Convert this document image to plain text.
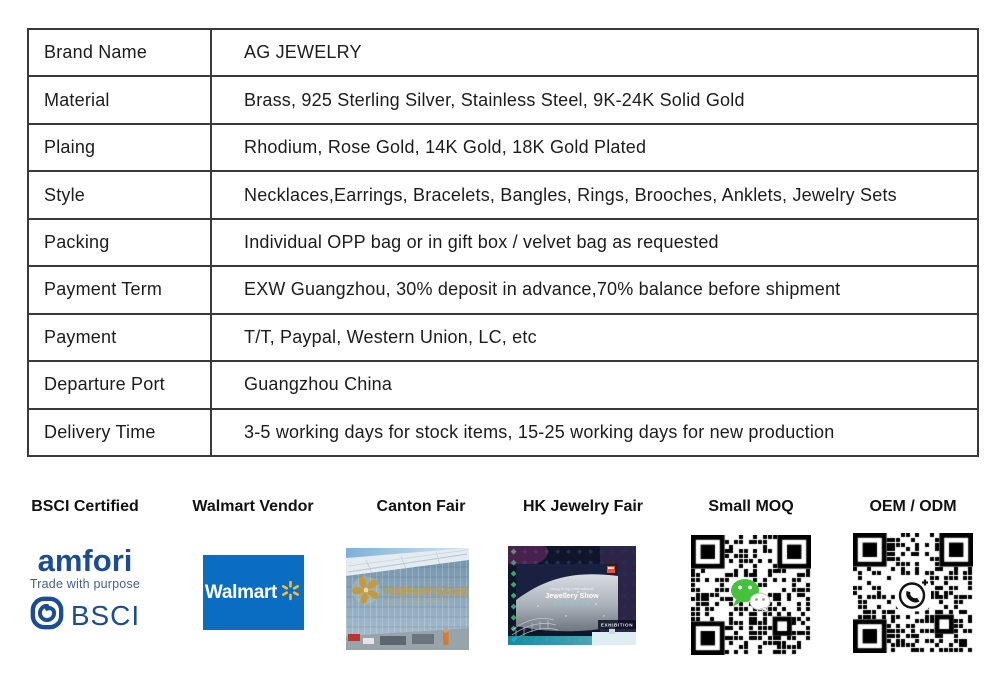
Brand Name	AG JEWELRY
Material	Brass, 925 Sterling Silver, Stainless Steel, 9K-24K Solid Gold
Plaing	Rhodium, Rose Gold, 14K Gold, 18K Gold Plated
Style	Necklaces,Earrings, Bracelets, Bangles, Rings, Brooches, Anklets, Jewelry Sets
Packing	Individual OPP bag or in gift box / velvet bag as requested
Payment Term	EXW Guangzhou, 30% deposit in advance,70% balance before shipment
Payment	T/T, Paypal, Western Union, LC, etc
Departure Port	Guangzhou China
Delivery Time	3-5 working days for stock items, 15-25 working days for new production
BSCI Certified
amfori
Trade with purpose
BSCI
Walmart Vendor
Walmart
Canton Fair
中国进出口商品交易会
CHINA IMPORT AND EXPORT FAIR
HK Jewelry Fair
Hong Kong International
Jewellery Show
香港国际珠宝展
EXHIBITION
Small MOQ	OEM / ODM
